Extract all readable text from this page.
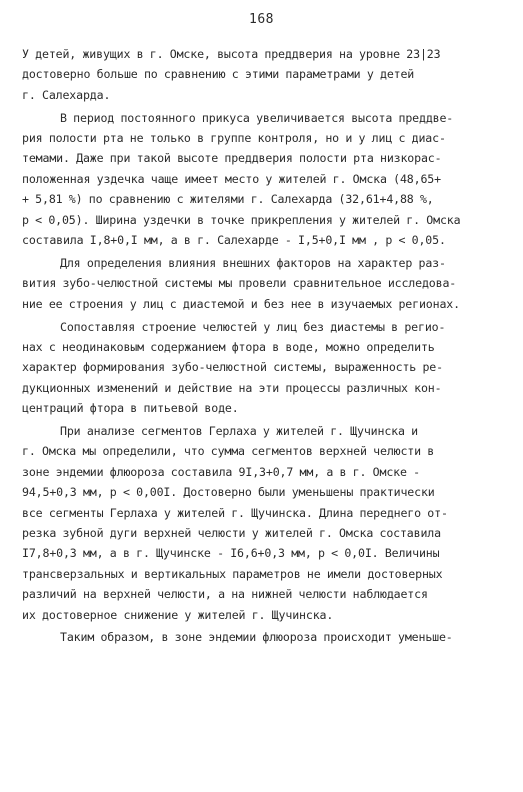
168
У детей, живущих в г. Омске, высота преддверия на уровне 23|23
достоверно больше по сравнению с этими параметрами у детей
г. Салехарда.
В период постоянного прикуса увеличивается высота преддве-
рия полости рта не только в группе контроля, но и у лиц с диас-
темами. Даже при такой высоте преддверия полости рта низкорас-
положенная уздечка чаще имеет место у жителей г. Омска (48,65+
+ 5,81 %) по сравнению с жителями г. Салехарда (32,61+4,88 %,
р < 0,05). Ширина уздечки в точке прикрепления у жителей г. Омска
составила I,8+0,I мм, а в г. Салехарде - I,5+0,I мм , р < 0,05.
Для определения влияния внешних факторов на характер раз-
вития зубо-челюстной системы мы провели сравнительное исследова-
ние ее строения у лиц с диастемой и без нее в изучаемых регионах.
Сопоставляя строение челюстей у лиц без диастемы в регио-
нах с неодинаковым содержанием фтора в воде, можно определить
характер формирования зубо-челюстной системы, выраженность ре-
дукционных изменений и действие на эти процессы различных кон-
центраций фтора в питьевой воде.
При анализе сегментов Герлаха у жителей г. Щучинска и
г. Омска мы определили, что сумма сегментов верхней челюсти в
зоне эндемии флюороза составила 9I,3+0,7 мм, а в г. Омске -
94,5+0,3 мм, р < 0,00I. Достоверно были уменьшены практически
все сегменты Герлаха у жителей г. Щучинска. Длина переднего от-
резка зубной дуги верхней челюсти у жителей г. Омска составила
I7,8+0,3 мм, а в г. Щучинске - I6,6+0,3 мм, р < 0,0I. Величины
трансверзальных и вертикальных параметров не имели достоверных
различий на верхней челюсти, а на нижней челюсти наблюдается
их достоверное снижение у жителей г. Щучинска.
Таким образом, в зоне эндемии флюороза происходит уменьше-
